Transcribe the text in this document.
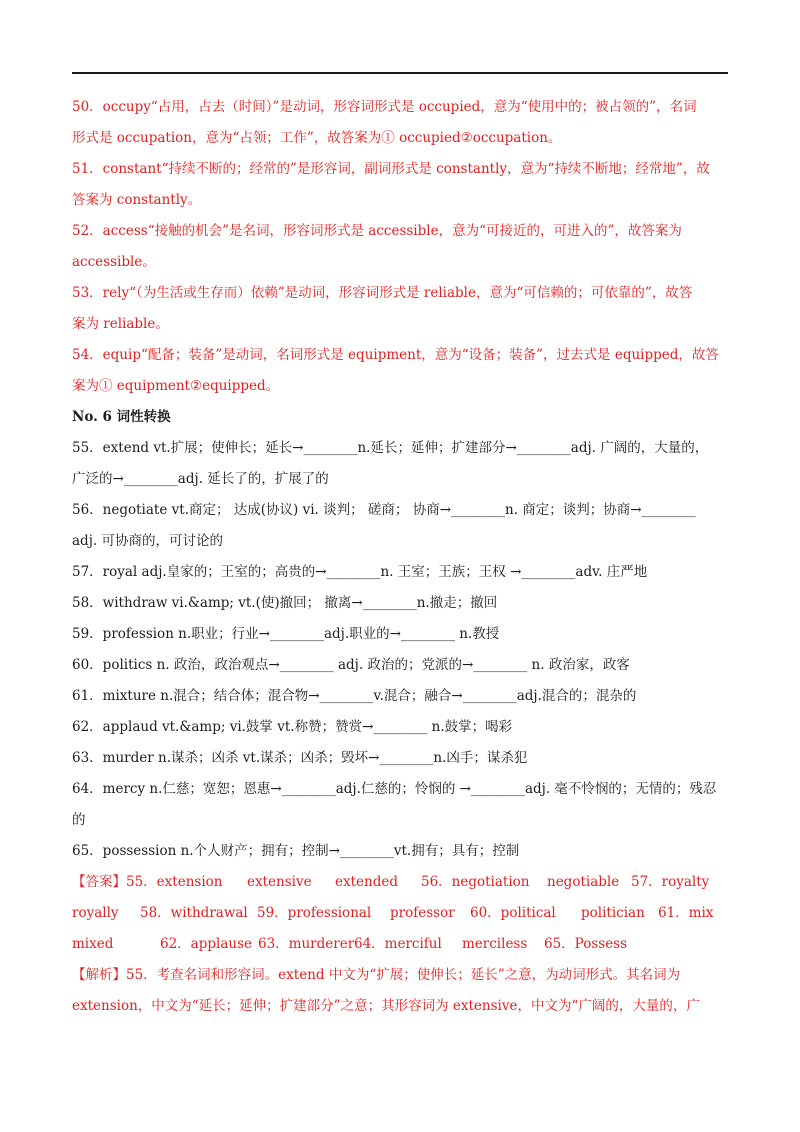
50．occupy“占用，占去（时间）”是动词，形容词形式是 occupied，意为“使用中的；被占领的”，名词
形式是 occupation，意为“占领；工作”，故答案为① occupied②occupation。
51．constant“持续不断的；经常的”是形容词，副词形式是 constantly，意为“持续不断地；经常地”，故
答案为 constantly。
52．access“接触的机会”是名词，形容词形式是 accessible，意为“可接近的，可进入的”，故答案为
accessible。
53．rely“（为生活或生存而）依赖”是动词，形容词形式是 reliable，意为“可信赖的；可依靠的”，故答
案为 reliable。
54．equip“配备；装备”是动词，名词形式是 equipment，意为“设备；装备”，过去式是 equipped，故答
案为① equipment②equipped。
No. 6 词性转换
55．extend vt.扩展；使伸长；延长→________n.延长；延伸；扩建部分→________adj. 广阔的，大量的，
广泛的→________adj. 延长了的，扩展了的
56．negotiate vt.商定； 达成(协议) vi. 谈判； 磋商； 协商→________n. 商定；谈判；协商→________
adj. 可协商的，可讨论的
57．royal adj.皇家的；王室的；高贵的→________n. 王室；王族；王权 →________adv. 庄严地
58．withdraw vi.&amp; vt.(使)撤回； 撤离→________n.撤走；撤回
59．profession n.职业；行业→________adj.职业的→________ n.教授
60．politics n. 政治，政治观点→________ adj. 政治的；党派的→________ n. 政治家，政客
61．mixture n.混合；结合体；混合物→________v.混合；融合→________adj.混合的；混杂的
62．applaud vt.&amp; vi.鼓掌 vt.称赞；赞赏→________ n.鼓掌；喝彩
63．murder n.谋杀；凶杀 vt.谋杀；凶杀；毁坏→________n.凶手；谋杀犯
64．mercy n.仁慈；宽恕；恩惠→________adj.仁慈的；怜悯的 →________adj. 毫不怜悯的；无情的；残忍
的
65．possession n.个人财产；拥有；控制→________vt.拥有；具有；控制
【答案】55．extension	extensive	extended	56．negotiation	negotiable 57．royalty
royally	58．withdrawal 59．professional	professor	60．political	politician 61．mix
mixed	62．applause 63．murderer 64．merciful	merciless	65．Possess
【解析】55．考查名词和形容词。extend 中文为“扩展；使伸长；延长”之意，为动词形式。其名词为
extension，中文为“延长；延伸；扩建部分”之意；其形容词为 extensive，中文为“广阔的，大量的，广
